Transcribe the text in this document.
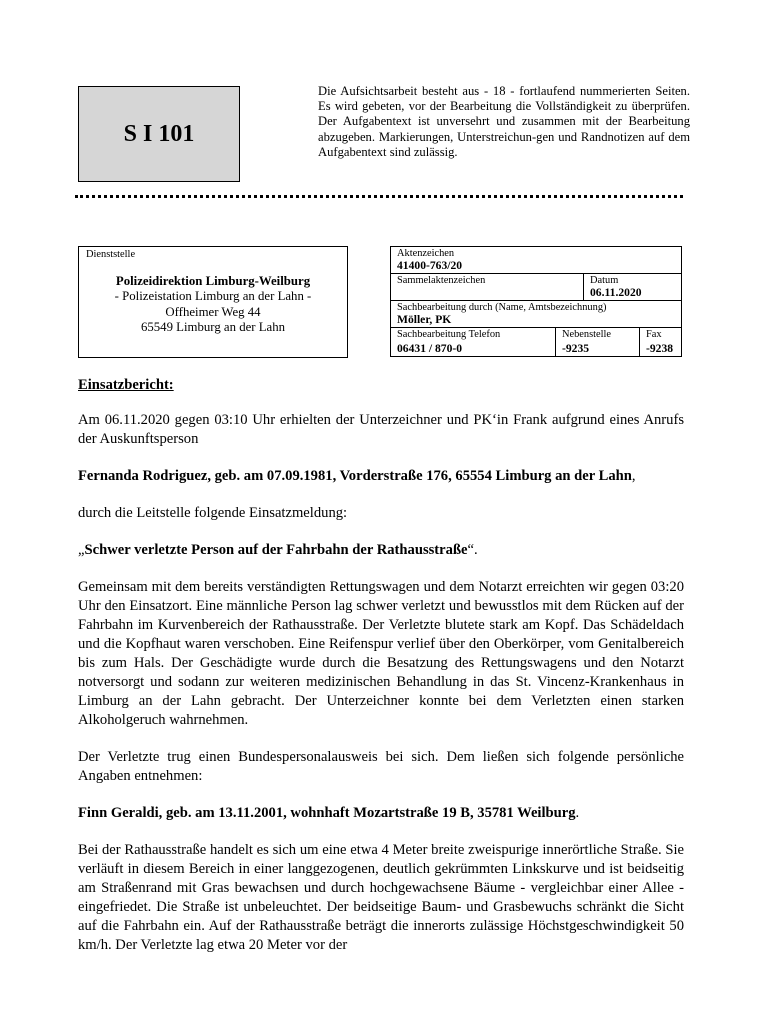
S I 101
Die Aufsichtsarbeit besteht aus - 18 - fortlaufend nummerierten Seiten. Es wird gebeten, vor der Bearbeitung die Vollständigkeit zu überprüfen. Der Aufgabentext ist unversehrt und zusammen mit der Bearbeitung abzugeben. Markierungen, Unterstreichun-gen und Randnotizen auf dem Aufgabentext sind zulässig.
Dienststelle
Polizeidirektion Limburg-Weilburg
- Polizeistation Limburg an der Lahn -
Offheimer Weg 44
65549 Limburg an der Lahn
Aktenzeichen
41400-763/20
Sammelaktenzeichen	Datum
06.11.2020
Sachbearbeitung durch (Name, Amtsbezeichnung)
Möller, PK
Sachbearbeitung Telefon
06431 / 870-0
Nebenstelle
-9235
Fax
-9238

Einsatzbericht:

Am 06.11.2020 gegen 03:10 Uhr erhielten der Unterzeichner und PK‘in Frank aufgrund eines Anrufs der Auskunftsperson

Fernanda Rodriguez, geb. am 07.09.1981, Vorderstraße 176, 65554 Limburg an der Lahn,

durch die Leitstelle folgende Einsatzmeldung:

„Schwer verletzte Person auf der Fahrbahn der Rathausstraße“.

Gemeinsam mit dem bereits verständigten Rettungswagen und dem Notarzt erreichten wir gegen 03:20 Uhr den Einsatzort. Eine männliche Person lag schwer verletzt und bewusstlos mit dem Rücken auf der Fahrbahn im Kurvenbereich der Rathausstraße. Der Verletzte blutete stark am Kopf. Das Schädeldach und die Kopfhaut waren verschoben. Eine Reifenspur verlief über den Oberkörper, vom Genitalbereich bis zum Hals. Der Geschädigte wurde durch die Besatzung des Rettungswagens und den Notarzt notversorgt und sodann zur weiteren medizinischen Behandlung in das St. Vincenz-Krankenhaus in Limburg an der Lahn gebracht. Der Unterzeichner konnte bei dem Verletzten einen starken Alkoholgeruch wahrnehmen.

Der Verletzte trug einen Bundespersonalausweis bei sich. Dem ließen sich folgende persönliche Angaben entnehmen:

Finn Geraldi, geb. am 13.11.2001, wohnhaft Mozartstraße 19 B, 35781 Weilburg.

Bei der Rathausstraße handelt es sich um eine etwa 4 Meter breite zweispurige innerörtliche Straße. Sie verläuft in diesem Bereich in einer langgezogenen, deutlich gekrümmten Linkskurve und ist beidseitig am Straßenrand mit Gras bewachsen und durch hochgewachsene Bäume - vergleichbar einer Allee - eingefriedet. Die Straße ist unbeleuchtet. Der beidseitige Baum- und Grasbewuchs schränkt die Sicht auf die Fahrbahn ein. Auf der Rathausstraße beträgt die innerorts zulässige Höchstgeschwindigkeit 50 km/h. Der Verletzte lag etwa 20 Meter vor der
